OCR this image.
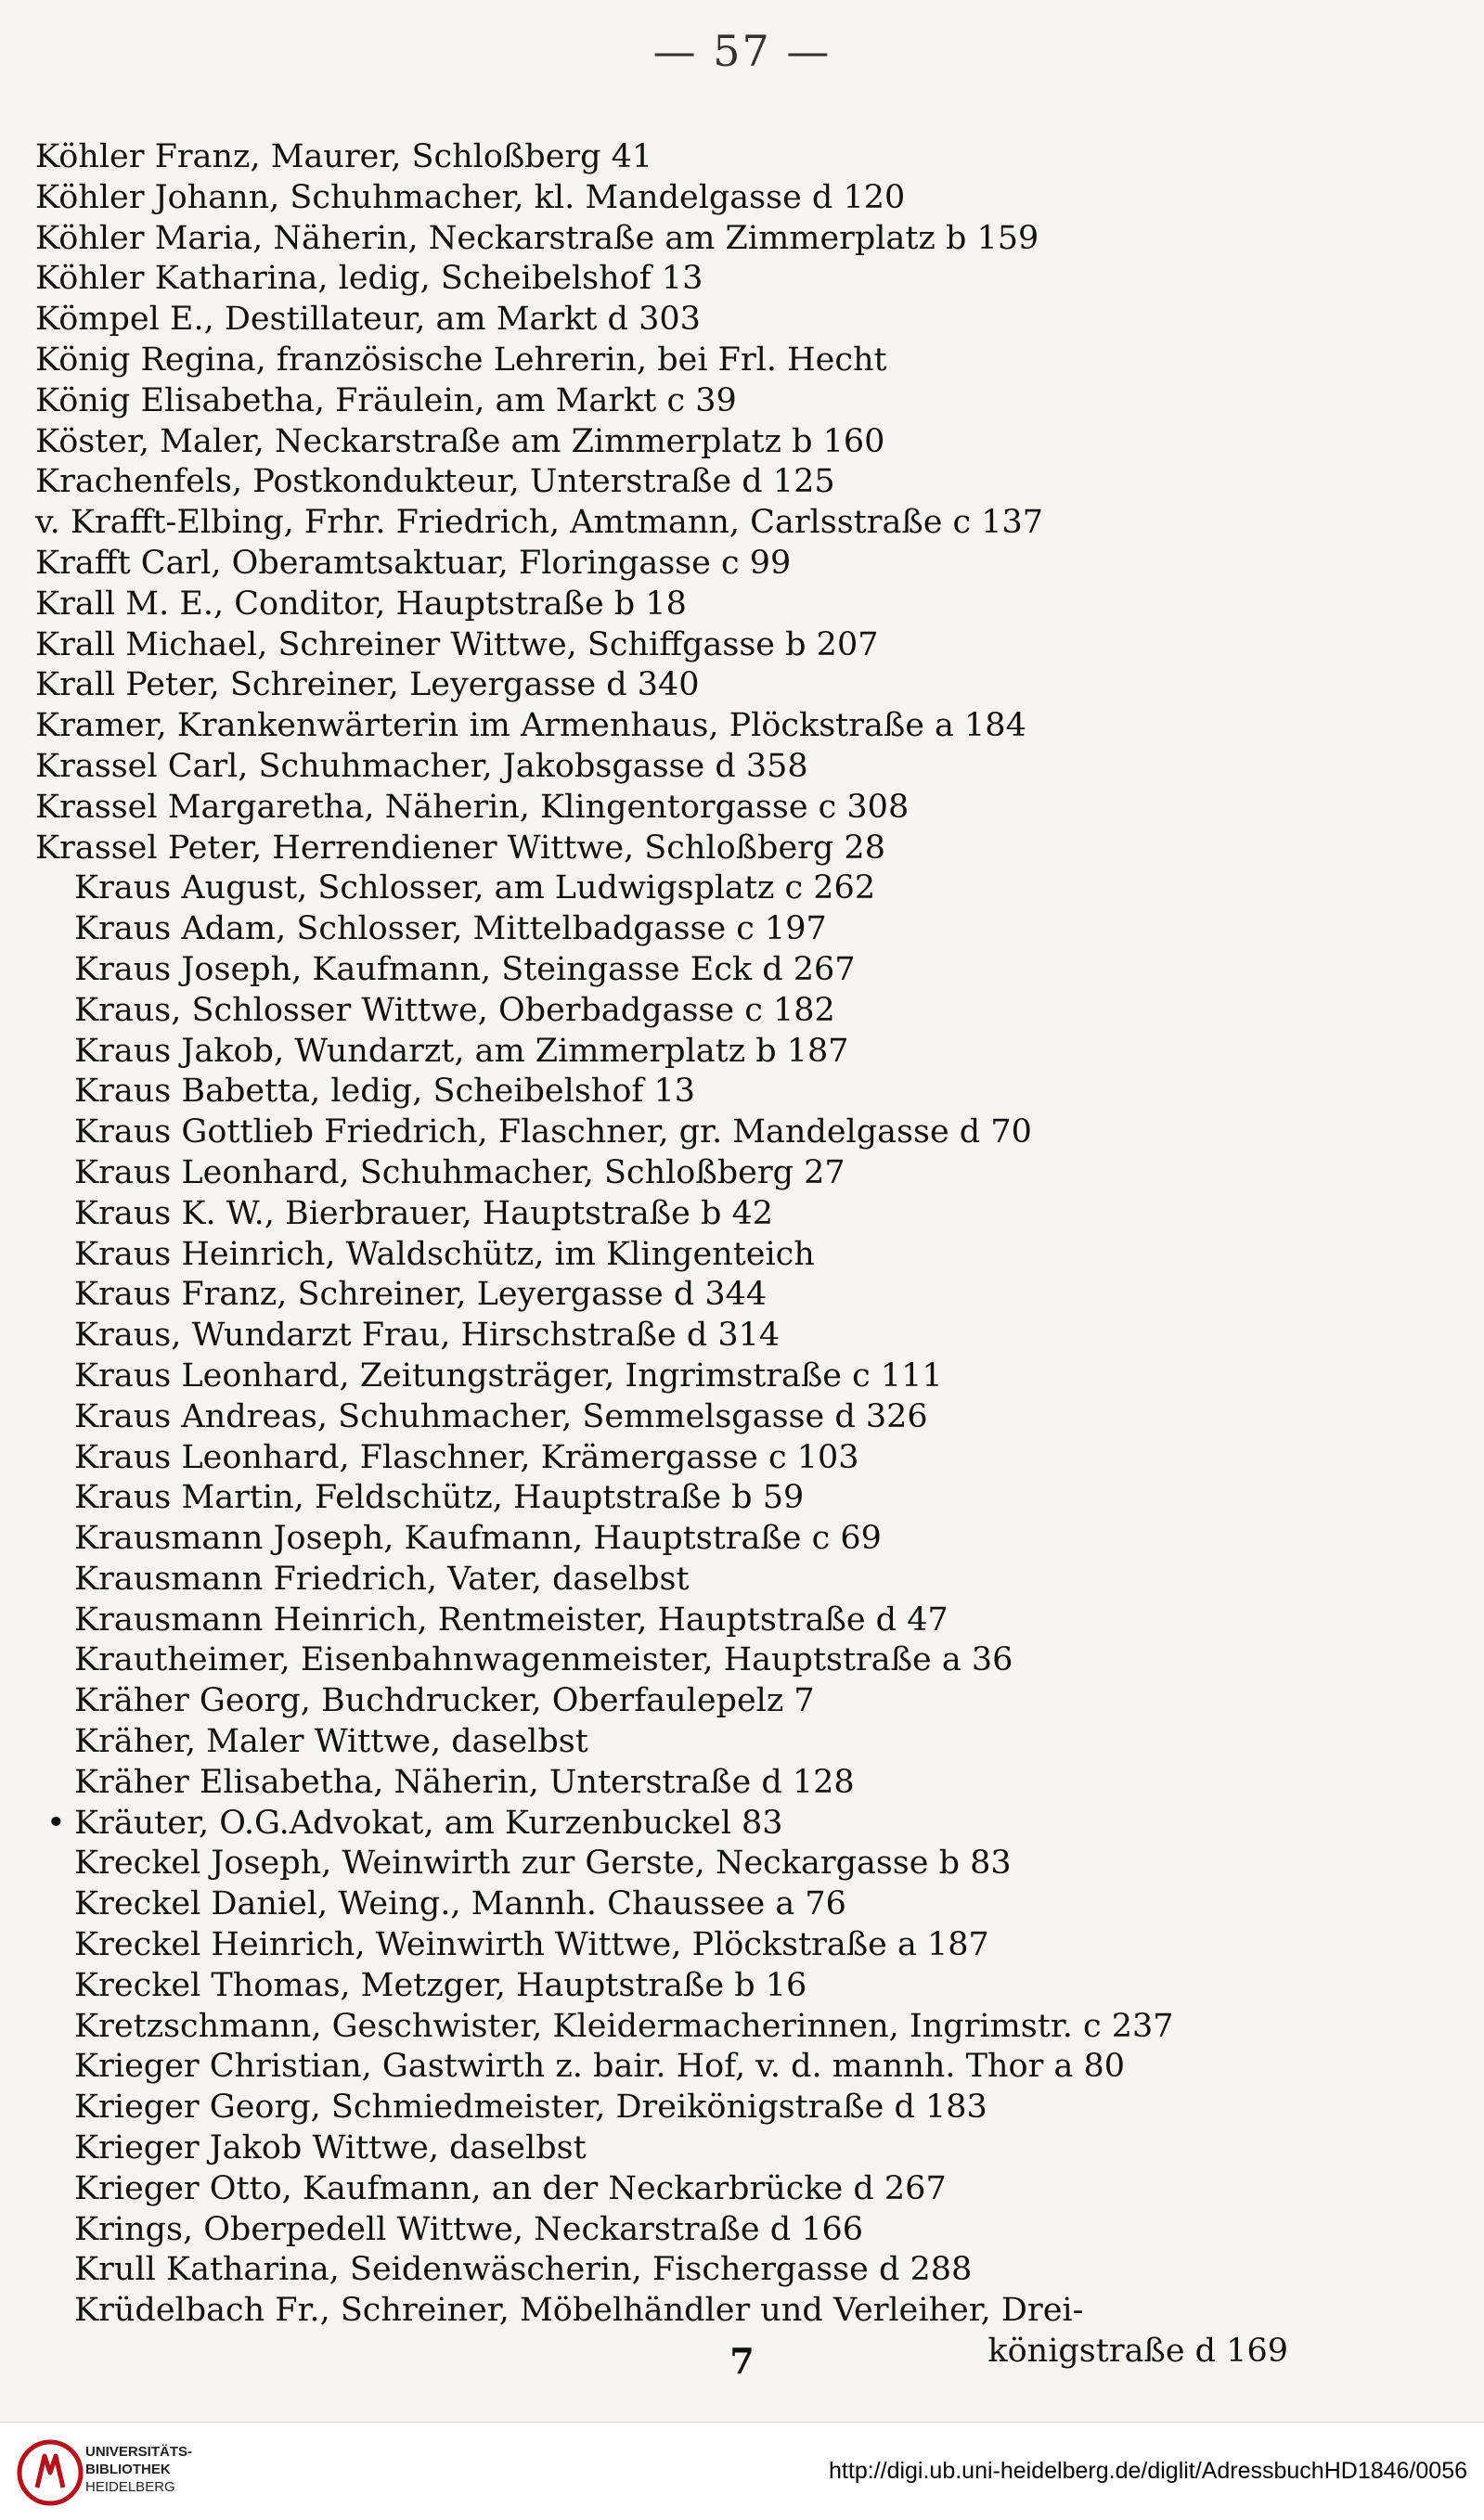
— 57 —
Köhler Franz, Maurer, Schloßberg 41
Köhler Johann, Schuhmacher, kl. Mandelgasse d 120
Köhler Maria, Näherin, Neckarstraße am Zimmerplatz b 159
Köhler Katharina, ledig, Scheibelshof 13
Kömpel E., Destillateur, am Markt d 303
König Regina, französische Lehrerin, bei Frl. Hecht
König Elisabetha, Fräulein, am Markt c 39
Köster, Maler, Neckarstraße am Zimmerplatz b 160
Krachenfels, Postkondukteur, Unterstraße d 125
v. Krafft-Elbing, Frhr. Friedrich, Amtmann, Carlsstraße c 137
Krafft Carl, Oberamtsaktuar, Floringasse c 99
Krall M. E., Conditor, Hauptstraße b 18
Krall Michael, Schreiner Wittwe, Schiffgasse b 207
Krall Peter, Schreiner, Leyergasse d 340
Kramer, Krankenwärterin im Armenhaus, Plöckstraße a 184
Krassel Carl, Schuhmacher, Jakobsgasse d 358
Krassel Margaretha, Näherin, Klingentorgasse c 308
Krassel Peter, Herrendiener Wittwe, Schloßberg 28
Kraus August, Schlosser, am Ludwigsplatz c 262
Kraus Adam, Schlosser, Mittelbadgasse c 197
Kraus Joseph, Kaufmann, Steingasse Eck d 267
Kraus, Schlosser Wittwe, Oberbadgasse c 182
Kraus Jakob, Wundarzt, am Zimmerplatz b 187
Kraus Babetta, ledig, Scheibelshof 13
Kraus Gottlieb Friedrich, Flaschner, gr. Mandelgasse d 70
Kraus Leonhard, Schuhmacher, Schloßberg 27
Kraus K. W., Bierbrauer, Hauptstraße b 42
Kraus Heinrich, Waldschütz, im Klingenteich
Kraus Franz, Schreiner, Leyergasse d 344
Kraus, Wundarzt Frau, Hirschstraße d 314
Kraus Leonhard, Zeitungsträger, Ingrimstraße c 111
Kraus Andreas, Schuhmacher, Semmelsgasse d 326
Kraus Leonhard, Flaschner, Krämergasse c 103
Kraus Martin, Feldschütz, Hauptstraße b 59
Krausmann Joseph, Kaufmann, Hauptstraße c 69
Krausmann Friedrich, Vater, daselbst
Krausmann Heinrich, Rentmeister, Hauptstraße d 47
Krautheimer, Eisenbahnwagenmeister, Hauptstraße a 36
Kräher Georg, Buchdrucker, Oberfaulepelz 7
Kräher, Maler Wittwe, daselbst
Kräher Elisabetha, Näherin, Unterstraße d 128
• Kräuter, O.G.Advokat, am Kurzenbuckel 83
Kreckel Joseph, Weinwirth zur Gerste, Neckargasse b 83
Kreckel Daniel, Weing., Mannh. Chaussee a 76
Kreckel Heinrich, Weinwirth Wittwe, Plöckstraße a 187
Kreckel Thomas, Metzger, Hauptstraße b 16
Kretzschmann, Geschwister, Kleidermacherinnen, Ingrimstr. c 237
Krieger Christian, Gastwirth z. bair. Hof, v. d. mannh. Thor a 80
Krieger Georg, Schmiedmeister, Dreikönigstraße d 183
Krieger Jakob Wittwe, daselbst
Krieger Otto, Kaufmann, an der Neckarbrücke d 267
Krings, Oberpedell Wittwe, Neckarstraße d 166
Krull Katharina, Seidenwäscherin, Fischergasse d 288
Krüdelbach Fr., Schreiner, Möbelhändler und Verleiher, Drei-
königstraße d 169
7
UNIVERSITÄTS-
BIBLIOTHEK
HEIDELBERG
http://digi.ub.uni-heidelberg.de/diglit/AdressbuchHD1846/0056
